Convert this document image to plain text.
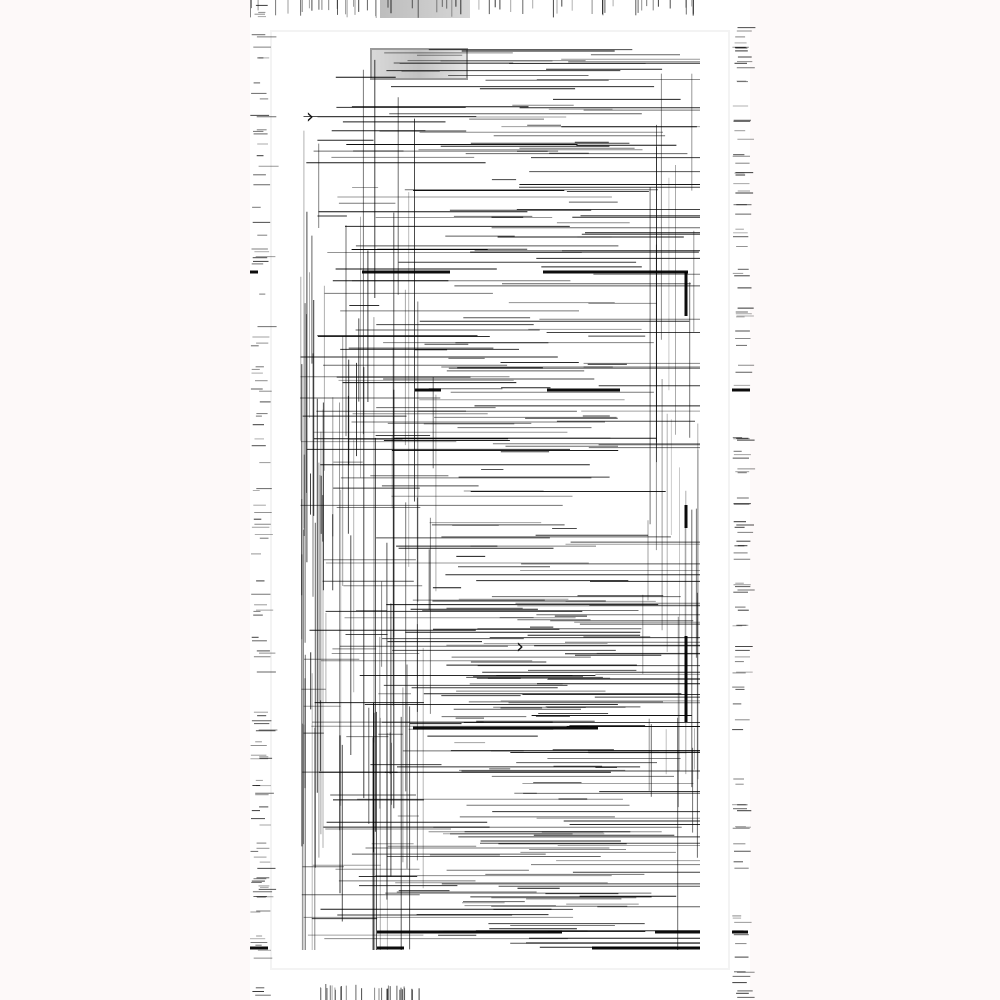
›
›
